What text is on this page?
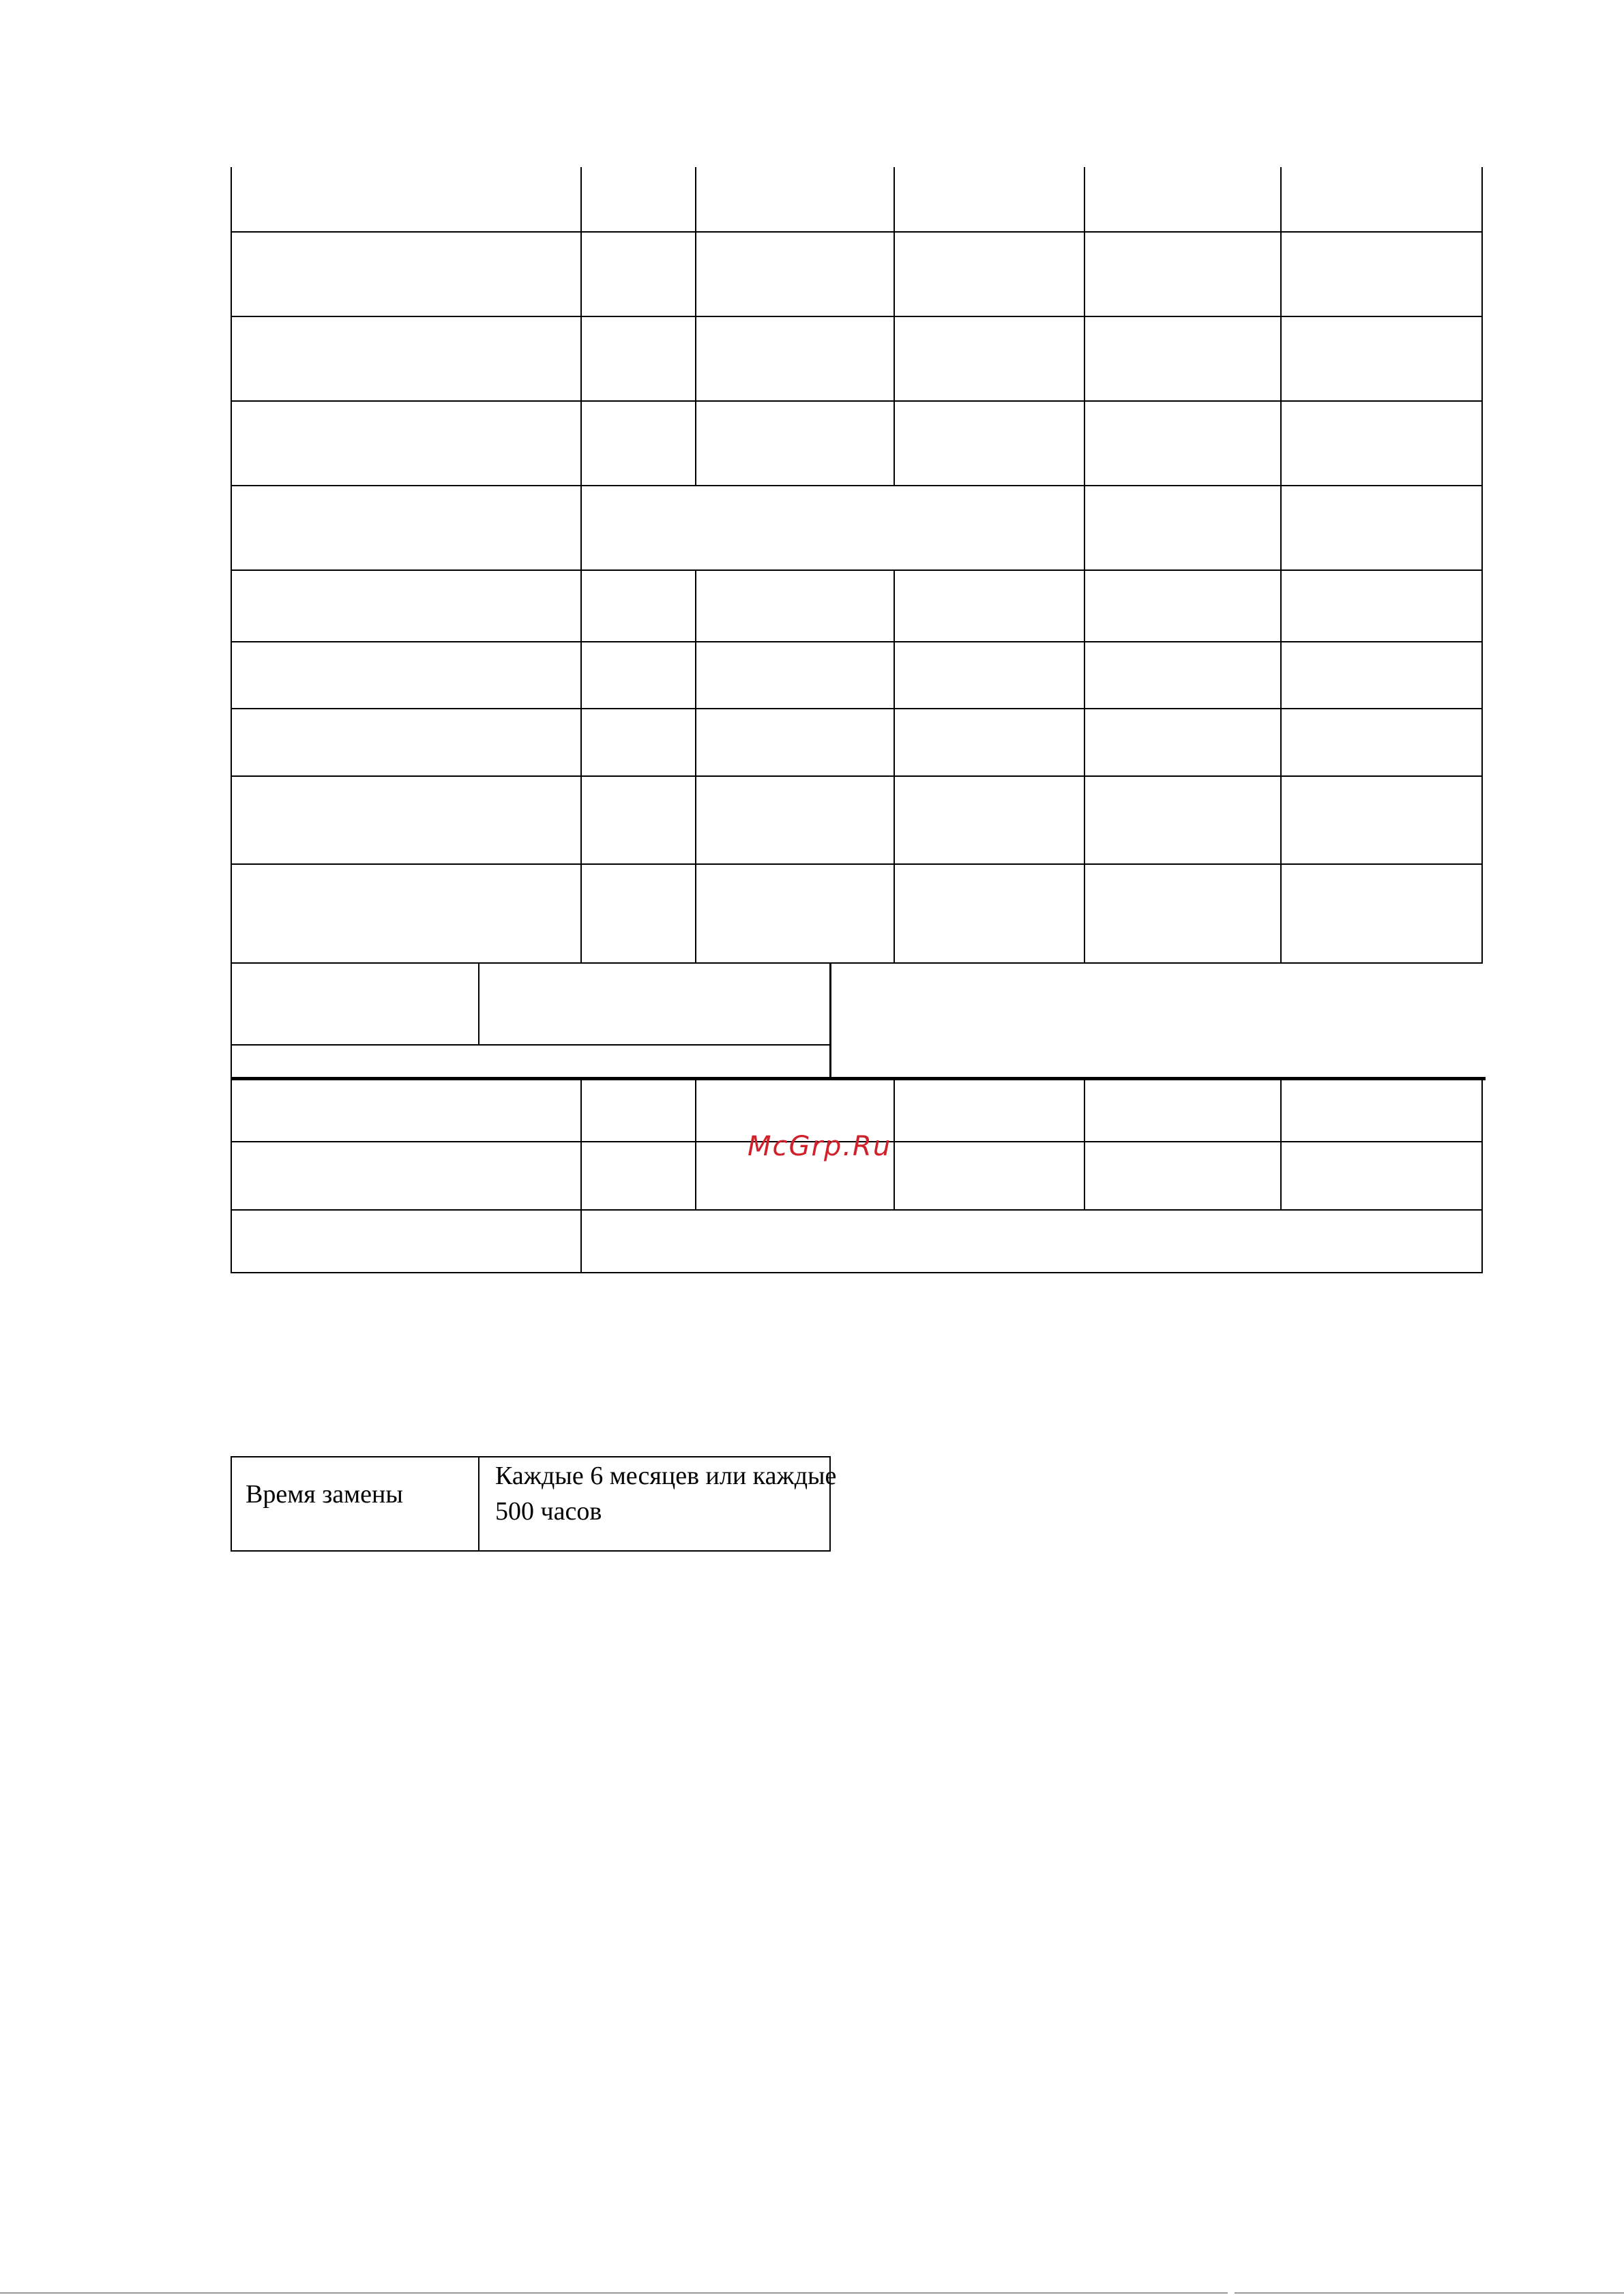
McGrp.Ru
Время замены
Каждые 6 месяцев или каждые
500 часов
